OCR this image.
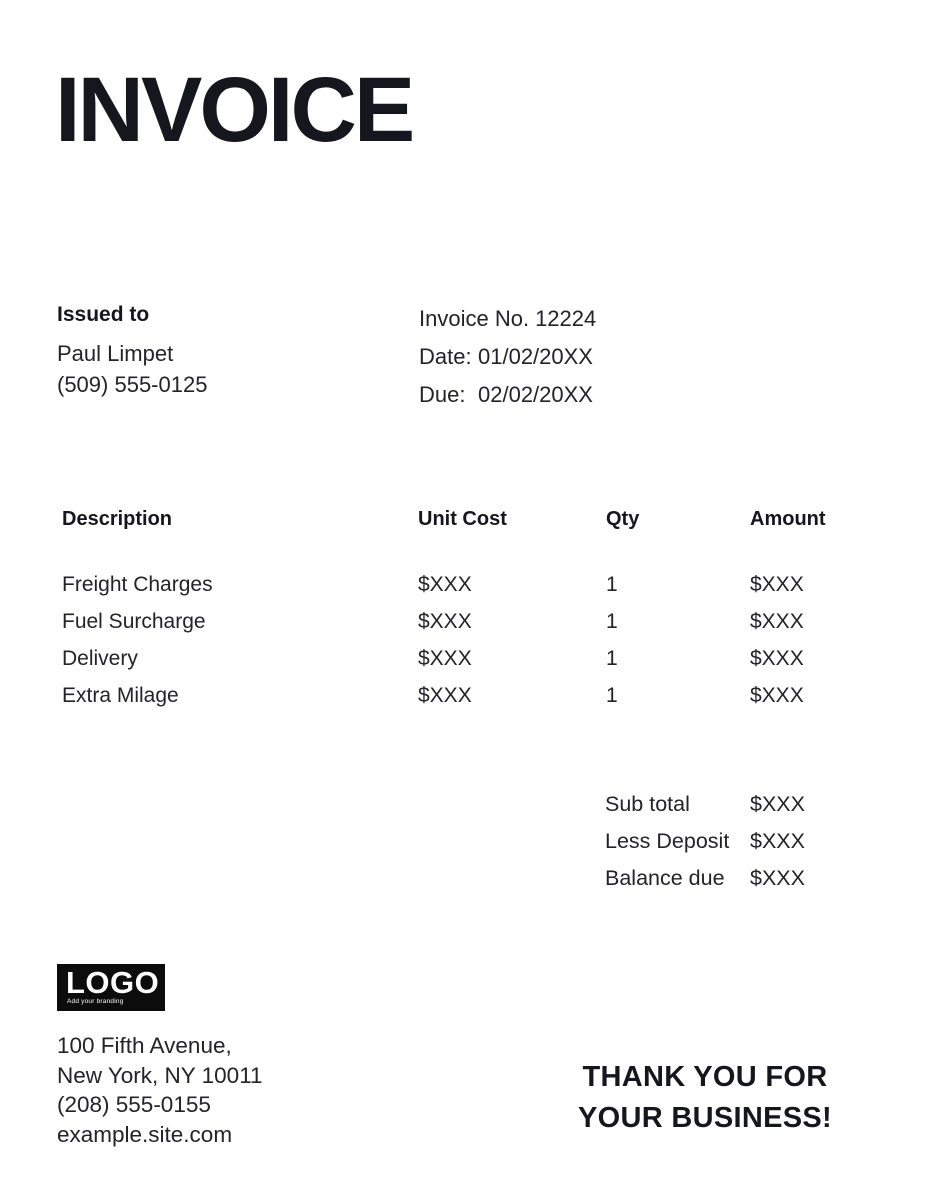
INVOICE
Issued to
Paul Limpet
(509) 555-0125
Invoice No. 12224
Date: 01/02/20XX
Due: 02/02/20XX
Description	Unit Cost	Qty	Amount
Freight Charges	$XXX	1	$XXX
Fuel Surcharge	$XXX	1	$XXX
Delivery	$XXX	1	$XXX
Extra Milage	$XXX	1	$XXX
Sub total	$XXX
Less Deposit $XXX
Balance due	$XXX
LOGO
Add your branding
100 Fifth Avenue,
New York, NY 10011
(208) 555-0155
example.site.com
THANK YOU FOR
YOUR BUSINESS!
